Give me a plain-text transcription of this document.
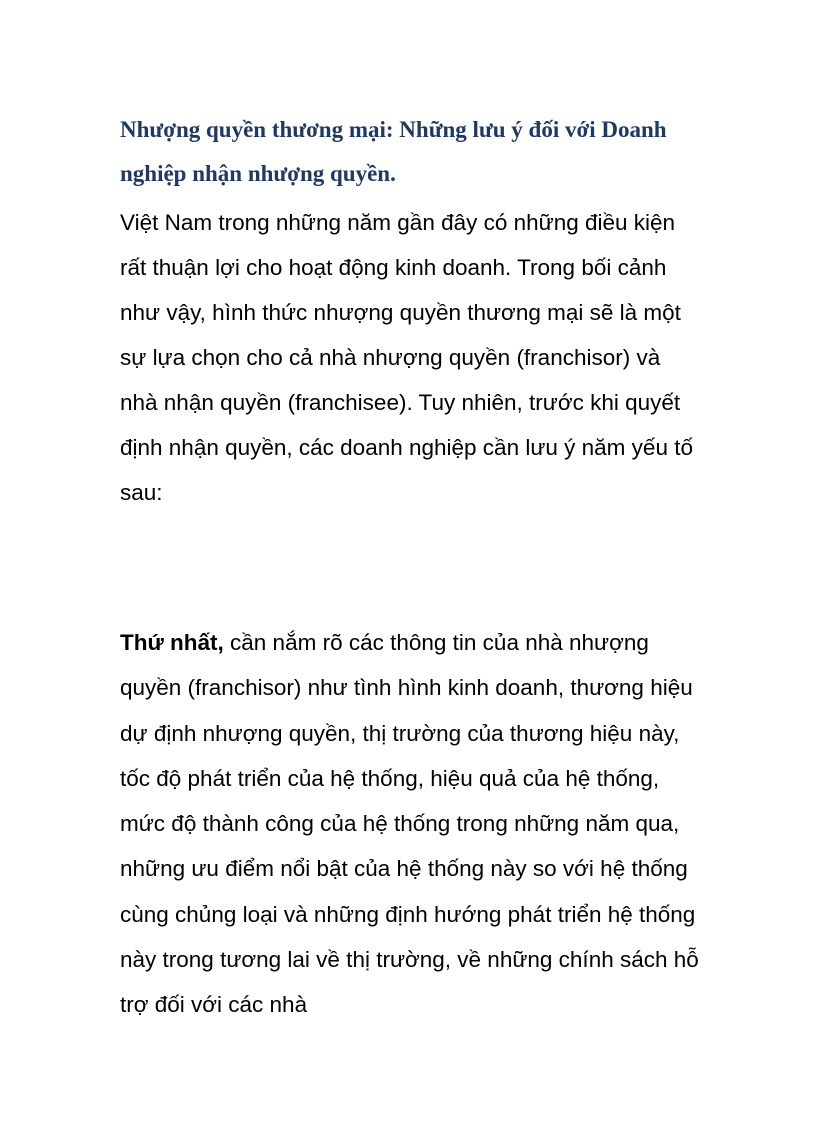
Nhượng quyền thương mại: Những lưu ý đối với Doanh nghiệp nhận nhượng quyền.

Việt Nam trong những năm gần đây có những điều kiện rất thuận lợi cho hoạt động kinh doanh. Trong bối cảnh như vậy, hình thức nhượng quyền thương mại sẽ là một sự lựa chọn cho cả nhà nhượng quyền (franchisor) và nhà nhận quyền (franchisee). Tuy nhiên, trước khi quyết định nhận quyền, các doanh nghiệp cần lưu ý năm yếu tố sau:

Thứ nhất, cần nắm rõ các thông tin của nhà nhượng quyền (franchisor) như tình hình kinh doanh, thương hiệu dự định nhượng quyền, thị trường của thương hiệu này, tốc độ phát triển của hệ thống, hiệu quả của hệ thống, mức độ thành công của hệ thống trong những năm qua, những ưu điểm nổi bật của hệ thống này so với hệ thống cùng chủng loại và những định hướng phát triển hệ thống này trong tương lai về thị trường, về những chính sách hỗ trợ đối với các nhà
